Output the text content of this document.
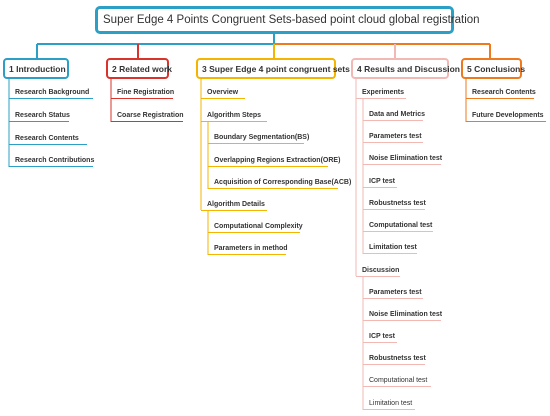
Super Edge 4 Points Congruent Sets-based point cloud global registration
1 Introduction
Research Background
Research Status
Research Contents
Research Contributions
2 Related work
Fine Registration
Coarse Registration
3 Super Edge 4 point congruent sets
Overview
Algorithm Steps
Boundary Segmentation(BS)
Overlapping Regions Extraction(ORE)
Acquisition of Corresponding Base(ACB)
Algorithm Details
Computational Complexity
Parameters in method
4 Results and Discussion
Experiments
Data and Metrics
Parameters test
Noise Elimination test
ICP test
Robustnetss test
Computational test
Limitation test
Discussion
Parameters test
Noise Elimination test
ICP test
Robustnetss test
Computational test
Limitation test
5 Conclusions
Research Contents
Future Developments
